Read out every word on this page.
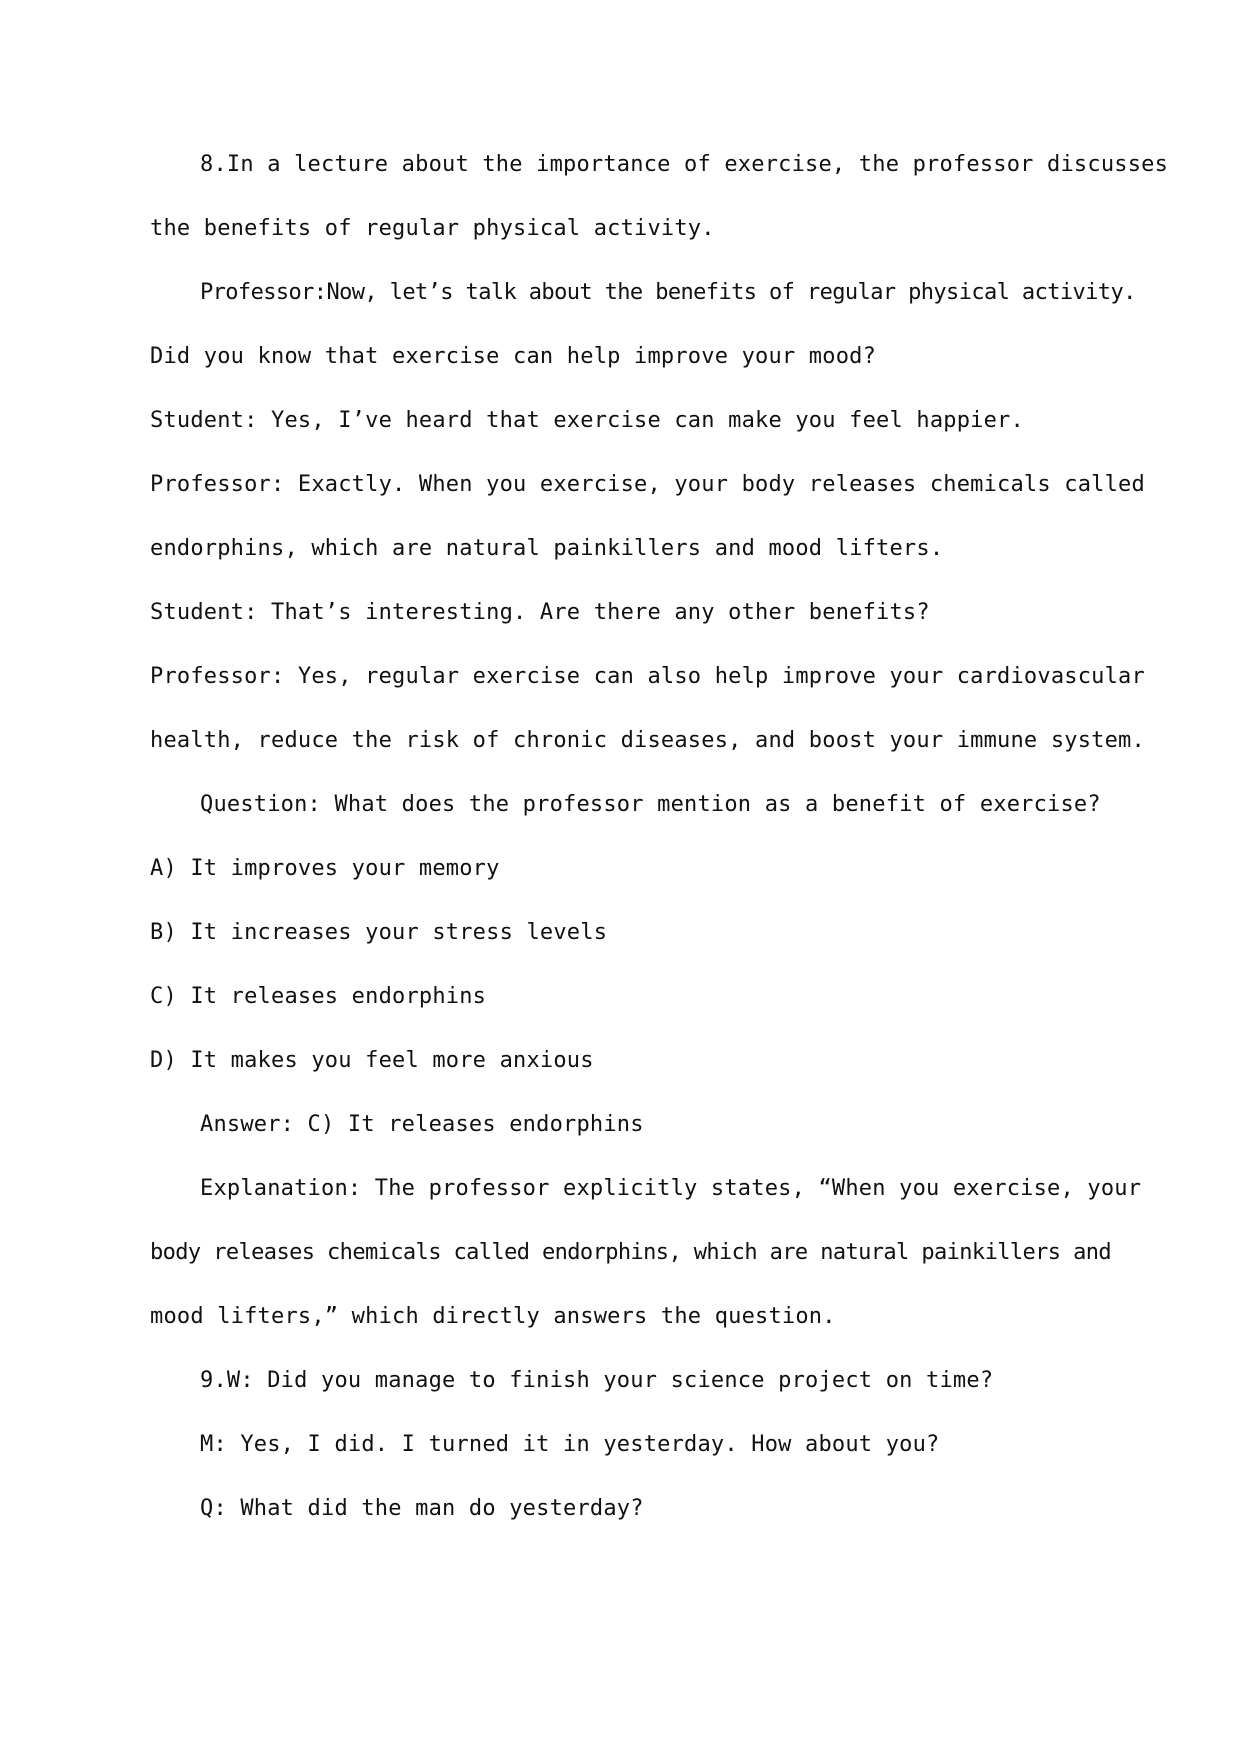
8.In a lecture about the importance of exercise, the professor discusses
the benefits of regular physical activity.
Professor:Now, let’s talk about the benefits of regular physical activity.
Did you know that exercise can help improve your mood?
Student: Yes, I’ve heard that exercise can make you feel happier.
Professor: Exactly. When you exercise, your body releases chemicals called
endorphins, which are natural painkillers and mood lifters.
Student: That’s interesting. Are there any other benefits?
Professor: Yes, regular exercise can also help improve your cardiovascular
health, reduce the risk of chronic diseases, and boost your immune system.
Question: What does the professor mention as a benefit of exercise?
A) It improves your memory
B) It increases your stress levels
C) It releases endorphins
D) It makes you feel more anxious
Answer: C) It releases endorphins
Explanation: The professor explicitly states, “When you exercise, your
body releases chemicals called endorphins, which are natural painkillers and
mood lifters,” which directly answers the question.
9.W: Did you manage to finish your science project on time?
M: Yes, I did. I turned it in yesterday. How about you?
Q: What did the man do yesterday?
